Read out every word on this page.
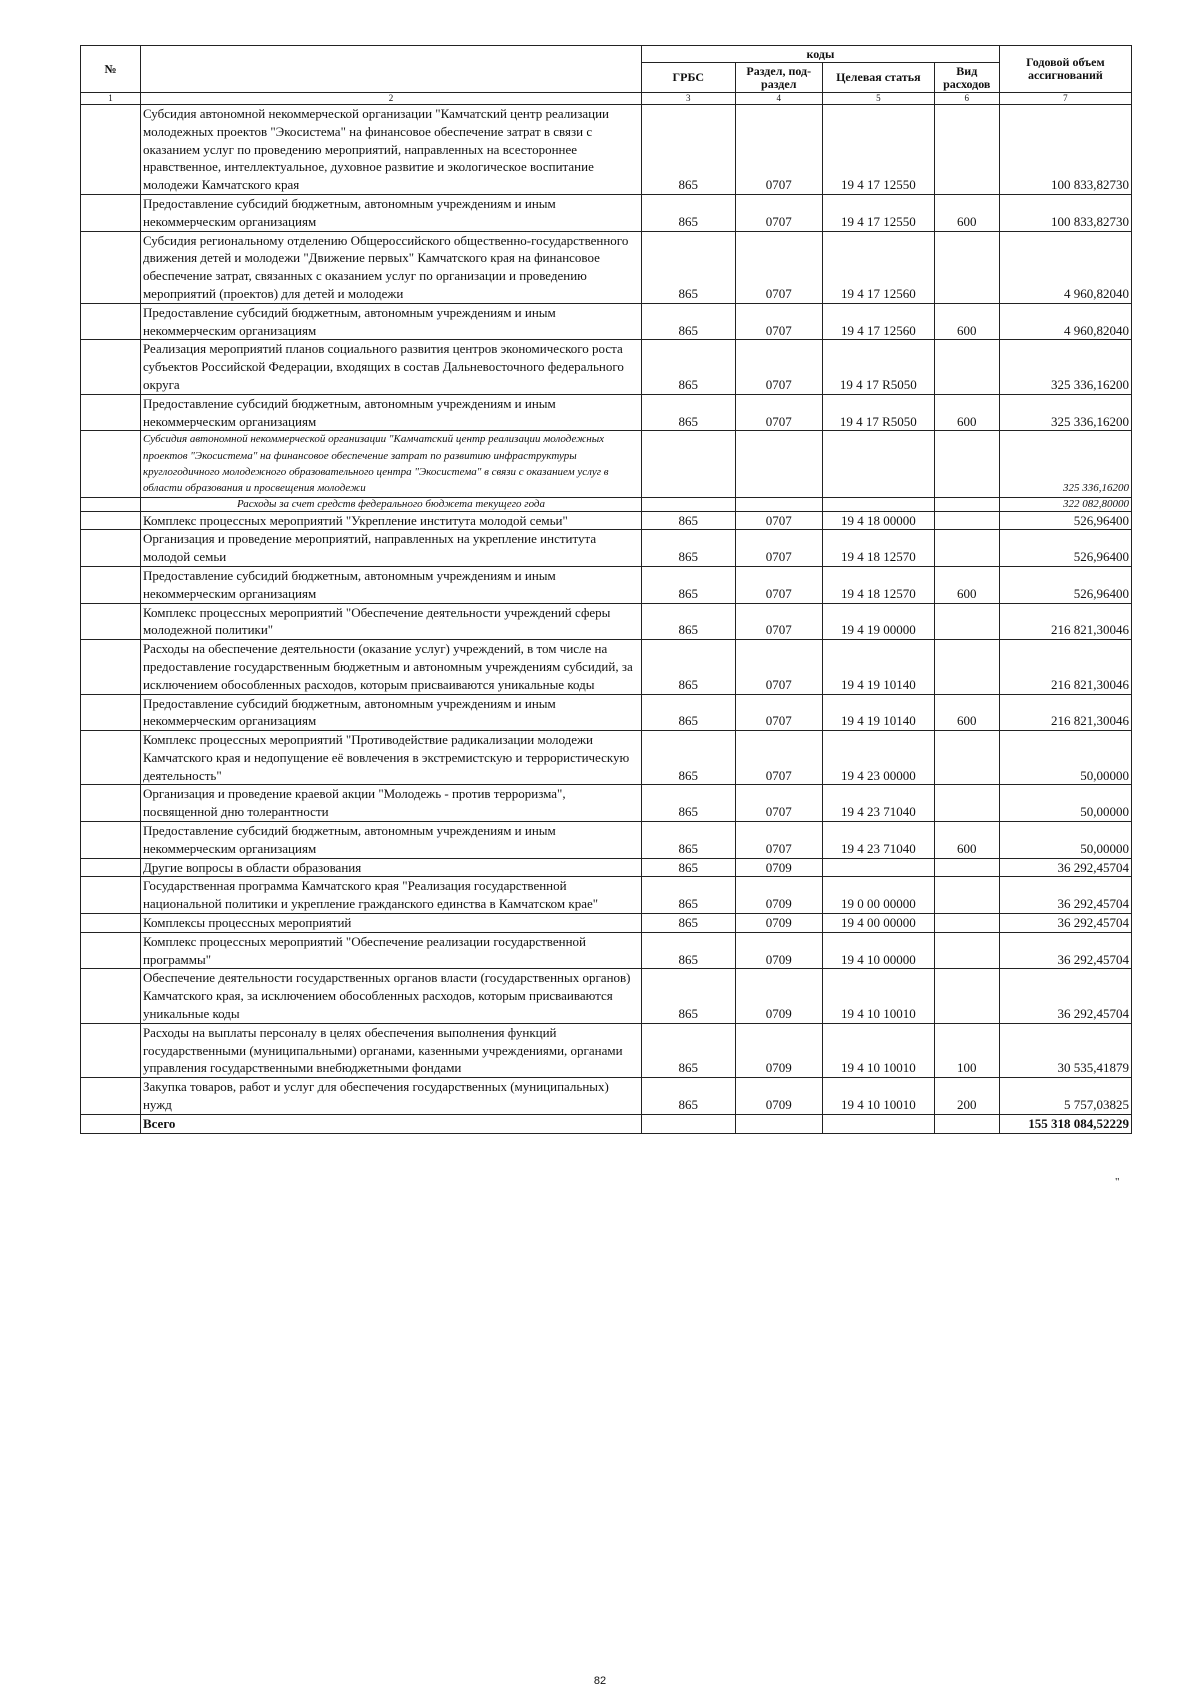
№		коды				Годовой объем ассигнований
		ГРБС	Раздел, под-раздел	Целевая статья	Вид расходов	
1	2	3	4	5	6	7
	Субсидия автономной некоммерческой организации "Камчатский центр реализации молодежных проектов "Экосистема" на финансовое обеспечение затрат в связи с оказанием услуг по проведению мероприятий, направленных на всестороннее нравственное, интеллектуальное, духовное развитие и экологическое воспитание молодежи Камчатского края	865	0707	19 4 17 12550		100 833,82730
	Предоставление субсидий бюджетным, автономным учреждениям и иным некоммерческим организациям	865	0707	19 4 17 12550	600	100 833,82730
	Субсидия региональному отделению Общероссийского общественно-государственного движения детей и молодежи "Движение первых" Камчатского края на финансовое обеспечение затрат, связанных с оказанием услуг по организации и проведению мероприятий (проектов) для детей и молодежи	865	0707	19 4 17 12560		4 960,82040
	Предоставление субсидий бюджетным, автономным учреждениям и иным некоммерческим организациям	865	0707	19 4 17 12560	600	4 960,82040
	Реализация мероприятий планов социального развития центров экономического роста субъектов Российской Федерации, входящих в состав Дальневосточного федерального округа	865	0707	19 4 17 R5050		325 336,16200
	Предоставление субсидий бюджетным, автономным учреждениям и иным некоммерческим организациям	865	0707	19 4 17 R5050	600	325 336,16200
	Субсидия автономной некоммерческой организации "Камчатский центр реализации молодежных проектов "Экосистема" на финансовое обеспечение затрат по развитию инфраструктуры круглогодичного молодежного образовательного центра "Экосистема" в связи с оказанием услуг в области образования и просвещения молодежи					325 336,16200
	Расходы за счет средств федерального бюджета текущего года					322 082,80000
	Комплекс процессных мероприятий "Укрепление института молодой семьи"	865	0707	19 4 18 00000		526,96400
	Организация и проведение мероприятий, направленных на укрепление института молодой семьи	865	0707	19 4 18 12570		526,96400
	Предоставление субсидий бюджетным, автономным учреждениям и иным некоммерческим организациям	865	0707	19 4 18 12570	600	526,96400
	Комплекс процессных мероприятий "Обеспечение деятельности учреждений сферы молодежной политики"	865	0707	19 4 19 00000		216 821,30046
	Расходы на обеспечение деятельности (оказание услуг) учреждений, в том числе на предоставление государственным бюджетным и автономным учреждениям субсидий, за исключением обособленных расходов, которым присваиваются уникальные коды	865	0707	19 4 19 10140		216 821,30046
	Предоставление субсидий бюджетным, автономным учреждениям и иным некоммерческим организациям	865	0707	19 4 19 10140	600	216 821,30046
	Комплекс процессных мероприятий "Противодействие радикализации молодежи Камчатского края и недопущение её вовлечения в экстремистскую и террористическую деятельность"	865	0707	19 4 23 00000		50,00000
	Организация и проведение краевой акции "Молодежь - против терроризма", посвященной дню толерантности	865	0707	19 4 23 71040		50,00000
	Предоставление субсидий бюджетным, автономным учреждениям и иным некоммерческим организациям	865	0707	19 4 23 71040	600	50,00000
	Другие вопросы в области образования	865	0709			36 292,45704
	Государственная программа Камчатского края "Реализация государственной национальной политики и укрепление гражданского единства в Камчатском крае"	865	0709	19 0 00 00000		36 292,45704
	Комплексы процессных мероприятий	865	0709	19 4 00 00000		36 292,45704
	Комплекс процессных мероприятий "Обеспечение реализации государственной программы"	865	0709	19 4 10 00000		36 292,45704
	Обеспечение деятельности государственных органов власти (государственных органов) Камчатского края, за исключением обособленных расходов, которым присваиваются уникальные коды	865	0709	19 4 10 10010		36 292,45704
	Расходы на выплаты персоналу в целях обеспечения выполнения функций государственными (муниципальными) органами, казенными учреждениями, органами управления государственными внебюджетными фондами	865	0709	19 4 10 10010	100	30 535,41879
	Закупка товаров, работ и услуг для обеспечения государственных (муниципальных) нужд	865	0709	19 4 10 10010	200	5 757,03825
	Всего					155 318 084,52229
"
82
